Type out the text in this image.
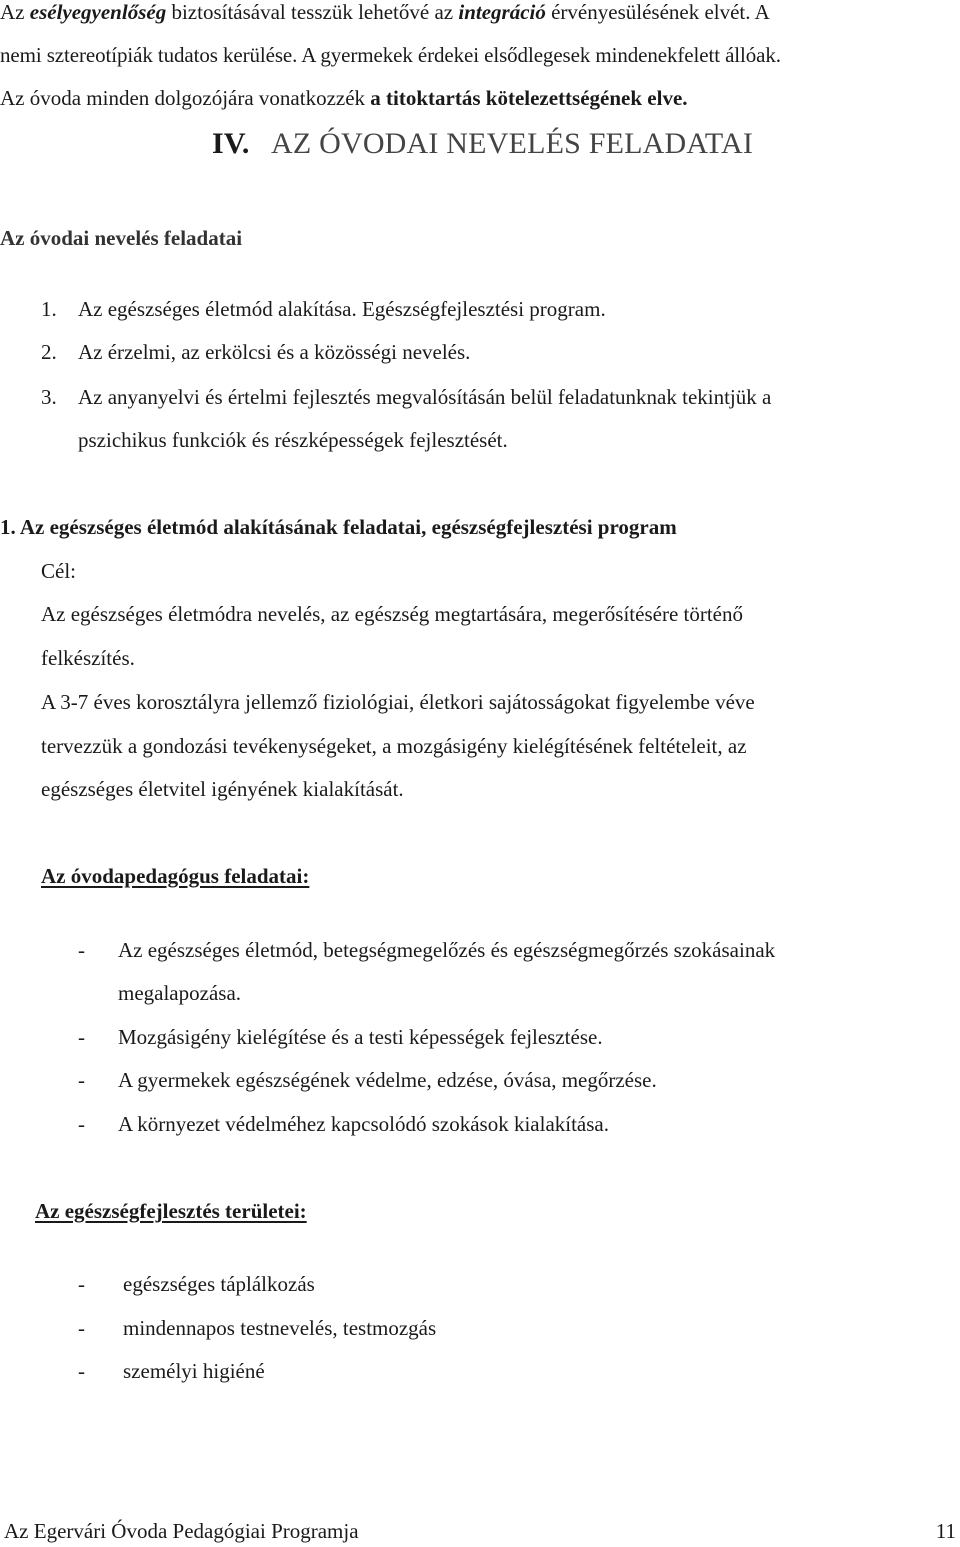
Az esélyegyenlőség biztosításával tesszük lehetővé az integráció érvényesülésének elvét. A
nemi sztereotípiák tudatos kerülése. A gyermekek érdekei elsődlegesek mindenekfelett állóak.
Az óvoda minden dolgozójára vonatkozzék a titoktartás kötelezettségének elve.
IV. AZ ÓVODAI NEVELÉS FELADATAI
Az óvodai nevelés feladatai
1. Az egészséges életmód alakítása. Egészségfejlesztési program.
2. Az érzelmi, az erkölcsi és a közösségi nevelés.
3. Az anyanyelvi és értelmi fejlesztés megvalósításán belül feladatunknak tekintjük a
pszichikus funkciók és részképességek fejlesztését.
1. Az egészséges életmód alakításának feladatai, egészségfejlesztési program
Cél:
Az egészséges életmódra nevelés, az egészség megtartására, megerősítésére történő
felkészítés.
A 3-7 éves korosztályra jellemző fiziológiai, életkori sajátosságokat figyelembe véve
tervezzük a gondozási tevékenységeket, a mozgásigény kielégítésének feltételeit, az
egészséges életvitel igényének kialakítását.
Az óvodapedagógus feladatai:
- Az egészséges életmód, betegségmegelőzés és egészségmegőrzés szokásainak
megalapozása.
- Mozgásigény kielégítése és a testi képességek fejlesztése.
- A gyermekek egészségének védelme, edzése, óvása, megőrzése.
- A környezet védelméhez kapcsolódó szokások kialakítása.
Az egészségfejlesztés területei:
- egészséges táplálkozás
- mindennapos testnevelés, testmozgás
- személyi higiéné
Az Egervári Óvoda Pedagógiai Programja	11
